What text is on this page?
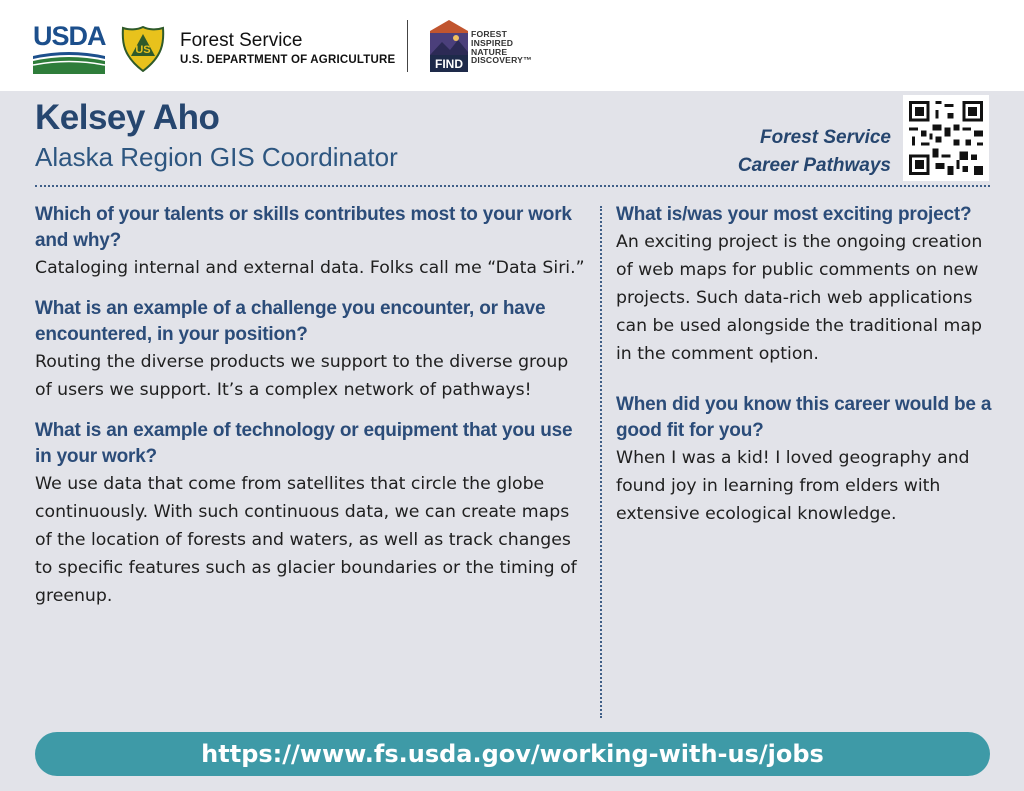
USDA	US Forest Service
U.S. DEPARTMENT OF AGRICULTURE	FIND
FOREST
INSPIRED
NATURE
DISCOVERY™
Kelsey Aho
Alaska Region GIS Coordinator
Forest Service
Career Pathways

Which of your talents or skills contributes most to your work and why?

Cataloging internal and external data. Folks call me “Data Siri.”

What is an example of a challenge you encounter, or have encountered, in your position?

Routing the diverse products we support to the diverse group of users we support. It’s a complex network of pathways!

What is an example of technology or equipment that you use in your work?

We use data that come from satellites that circle the globe continuously. With such continuous data, we can create maps of the location of forests and waters, as well as track changes to specific features such as glacier boundaries or the timing of greenup.

What is/was your most exciting project?

An exciting project is the ongoing creation of web maps for public comments on new projects. Such data-rich web applications can be used alongside the traditional map in the comment option.

When did you know this career would be a good fit for you?

When I was a kid! I loved geography and found joy in learning from elders with extensive ecological knowledge.

https://www.fs.usda.gov/working-with-us/jobs
